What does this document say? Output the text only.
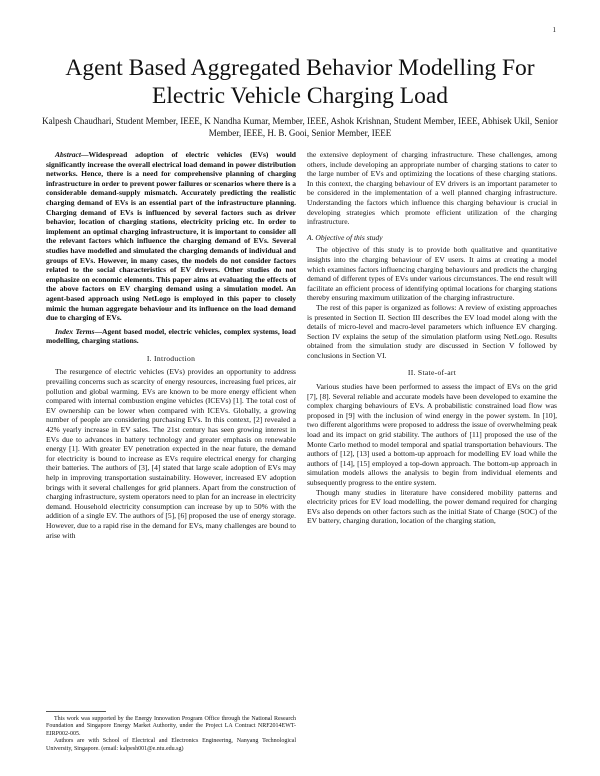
1
Agent Based Aggregated Behavior Modelling For Electric Vehicle Charging Load
Kalpesh Chaudhari, Student Member, IEEE, K Nandha Kumar, Member, IEEE, Ashok Krishnan, Student Member, IEEE, Abhisek Ukil, Senior Member, IEEE, H. B. Gooi, Senior Member, IEEE

Abstract—Widespread adoption of electric vehicles (EVs) would significantly increase the overall electrical load demand in power distribution networks. Hence, there is a need for comprehensive planning of charging infrastructure in order to prevent power failures or scenarios where there is a considerable demand-supply mismatch. Accurately predicting the realistic charging demand of EVs is an essential part of the infrastructure planning. Charging demand of EVs is influenced by several factors such as driver behavior, location of charging stations, electricity pricing etc. In order to implement an optimal charging infrastructure, it is important to consider all the relevant factors which influence the charging demand of EVs. Several studies have modelled and simulated the charging demands of individual and groups of EVs. However, in many cases, the models do not consider factors related to the social characteristics of EV drivers. Other studies do not emphasize on economic elements. This paper aims at evaluating the effects of the above factors on EV charging demand using a simulation model. An agent-based approach using NetLogo is employed in this paper to closely mimic the human aggregate behaviour and its influence on the load demand due to charging of EVs.

Index Terms—Agent based model, electric vehicles, complex systems, load modelling, charging stations.

I. Introduction

The resurgence of electric vehicles (EVs) provides an opportunity to address prevailing concerns such as scarcity of energy resources, increasing fuel prices, air pollution and global warming. EVs are known to be more energy efficient when compared with internal combustion engine vehicles (ICEVs) [1]. The total cost of EV ownership can be lower when compared with ICEVs. Globally, a growing number of people are considering purchasing EVs. In this context, [2] revealed a 42% yearly increase in EV sales. The 21st century has seen growing interest in EVs due to advances in battery technology and greater emphasis on renewable energy [1]. With greater EV penetration expected in the near future, the demand for electricity is bound to increase as EVs require electrical energy for charging their batteries. The authors of [3], [4] stated that large scale adoption of EVs may help in improving transportation sustainability. However, increased EV adoption brings with it several challenges for grid planners. Apart from the construction of charging infrastructure, system operators need to plan for an increase in electricity demand. Household electricity consumption can increase by up to 50% with the addition of a single EV. The authors of [5], [6] proposed the use of energy storage. However, due to a rapid rise in the demand for EVs, many challenges are bound to arise with

This work was supported by the Energy Innovation Program Office through the National Research Foundation and Singapore Energy Market Authority, under the Project LA Contract NRF2014EWT-EIRP002-005.

Authors are with School of Electrical and Electronics Engineering, Nanyang Technological University, Singapore. (email: kalpesh001@e.ntu.edu.sg)

the extensive deployment of charging infrastructure. These challenges, among others, include developing an appropriate number of charging stations to cater to the large number of EVs and optimizing the locations of these charging stations. In this context, the charging behaviour of EV drivers is an important parameter to be considered in the implementation of a well planned charging infrastructure. Understanding the factors which influence this charging behaviour is crucial in developing strategies which promote efficient utilization of the charging infrastructure.

A. Objective of this study

The objective of this study is to provide both qualitative and quantitative insights into the charging behaviour of EV users. It aims at creating a model which examines factors influencing charging behaviours and predicts the charging demand of different types of EVs under various circumstances. The end result will facilitate an efficient process of identifying optimal locations for charging stations thereby ensuring maximum utilization of the charging infrastructure.

The rest of this paper is organized as follows: A review of existing approaches is presented in Section II. Section III describes the EV load model along with the details of micro-level and macro-level parameters which influence EV charging. Section IV explains the setup of the simulation platform using NetLogo. Results obtained from the simulation study are discussed in Section V followed by conclusions in Section VI.

II. State-of-art

Various studies have been performed to assess the impact of EVs on the grid [7], [8]. Several reliable and accurate models have been developed to examine the complex charging behaviours of EVs. A probabilistic constrained load flow was proposed in [9] with the inclusion of wind energy in the power system. In [10], two different algorithms were proposed to address the issue of overwhelming peak load and its impact on grid stability. The authors of [11] proposed the use of the Monte Carlo method to model temporal and spatial transportation behaviours. The authors of [12], [13] used a bottom-up approach for modelling EV load while the authors of [14], [15] employed a top-down approach. The bottom-up approach in simulation models allows the analysis to begin from individual elements and subsequently progress to the entire system.

Though many studies in literature have considered mobility patterns and electricity prices for EV load modelling, the power demand required for charging EVs also depends on other factors such as the initial State of Charge (SOC) of the EV battery, charging duration, location of the charging station,
